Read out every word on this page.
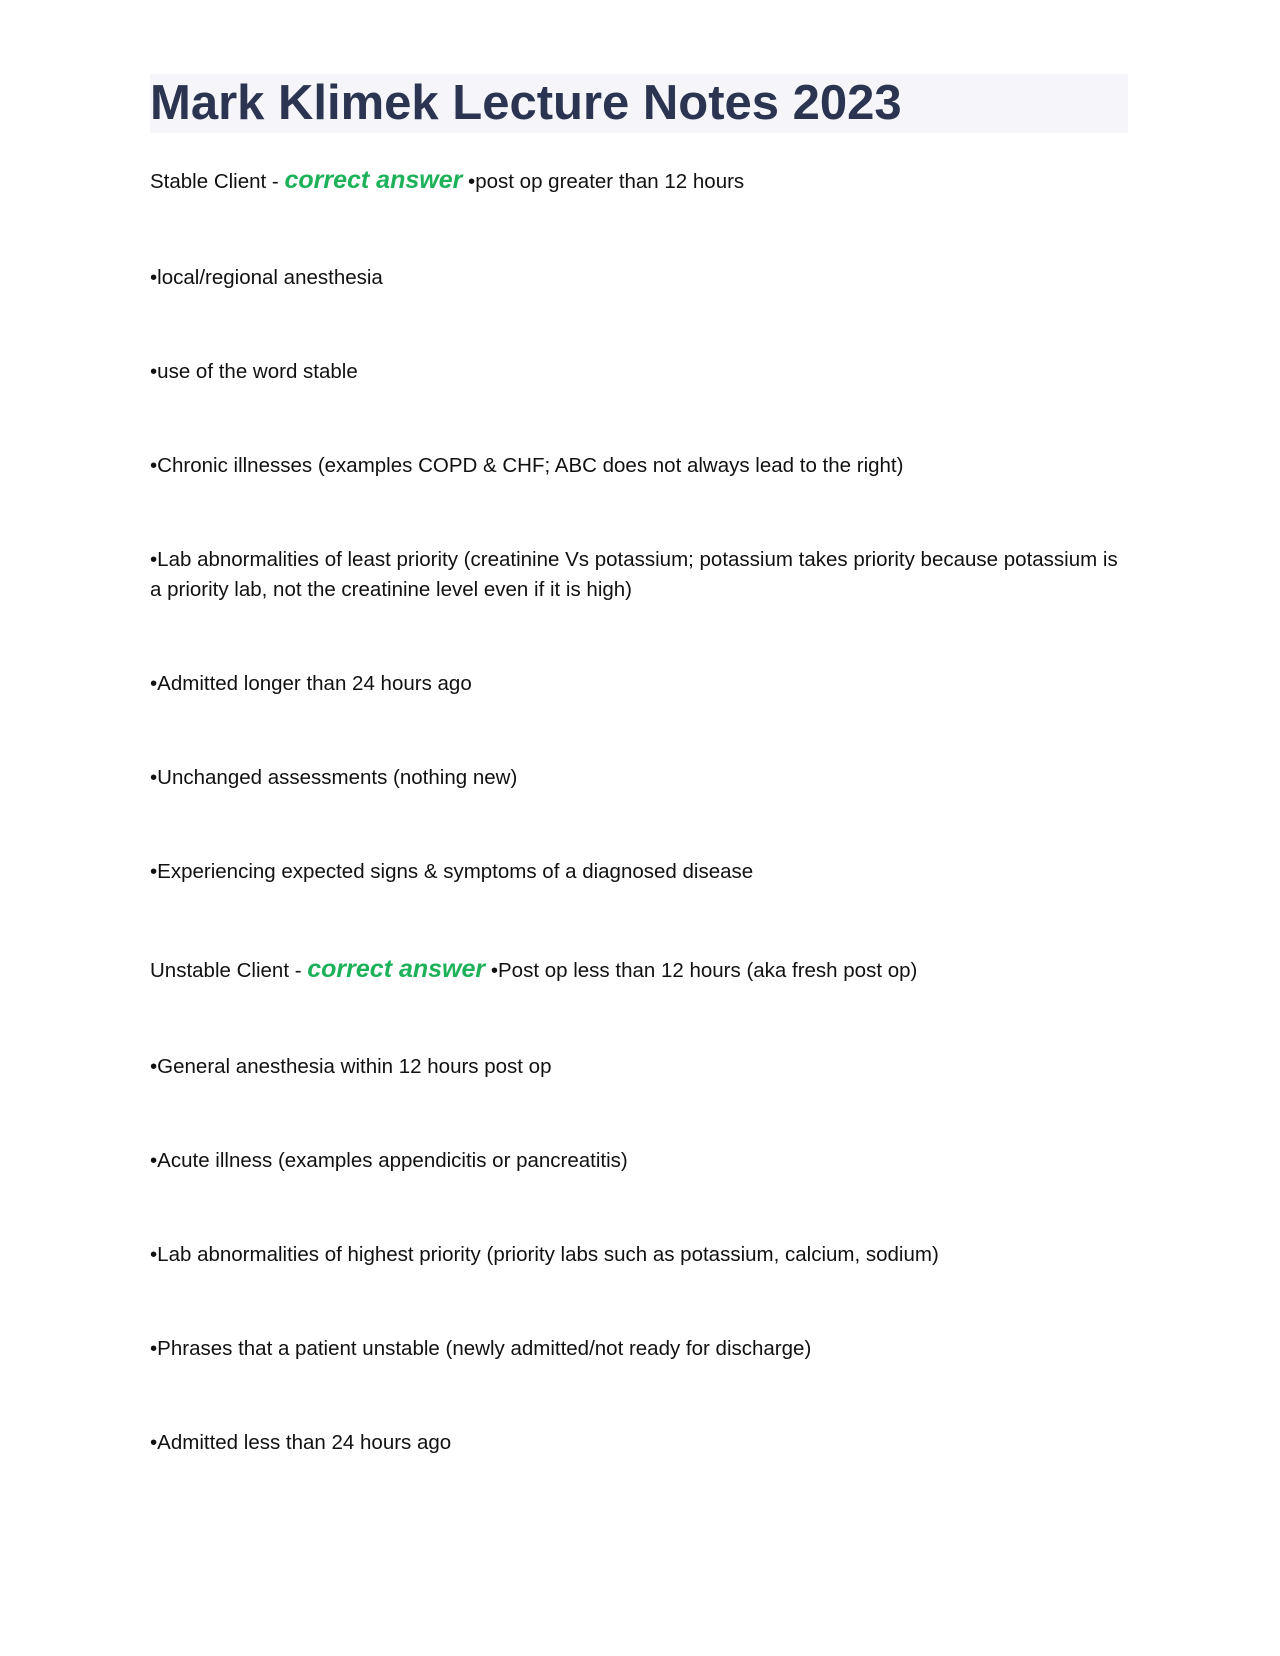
Mark Klimek Lecture Notes 2023

Stable Client - correct answer •post op greater than 12 hours

•local/regional anesthesia

•use of the word stable

•Chronic illnesses (examples COPD & CHF; ABC does not always lead to the right)

•Lab abnormalities of least priority (creatinine Vs potassium; potassium takes priority because potassium is a priority lab, not the creatinine level even if it is high)

•Admitted longer than 24 hours ago

•Unchanged assessments (nothing new)

•Experiencing expected signs & symptoms of a diagnosed disease

Unstable Client - correct answer •Post op less than 12 hours (aka fresh post op)

•General anesthesia within 12 hours post op

•Acute illness (examples appendicitis or pancreatitis)

•Lab abnormalities of highest priority (priority labs such as potassium, calcium, sodium)

•Phrases that a patient unstable (newly admitted/not ready for discharge)

•Admitted less than 24 hours ago
